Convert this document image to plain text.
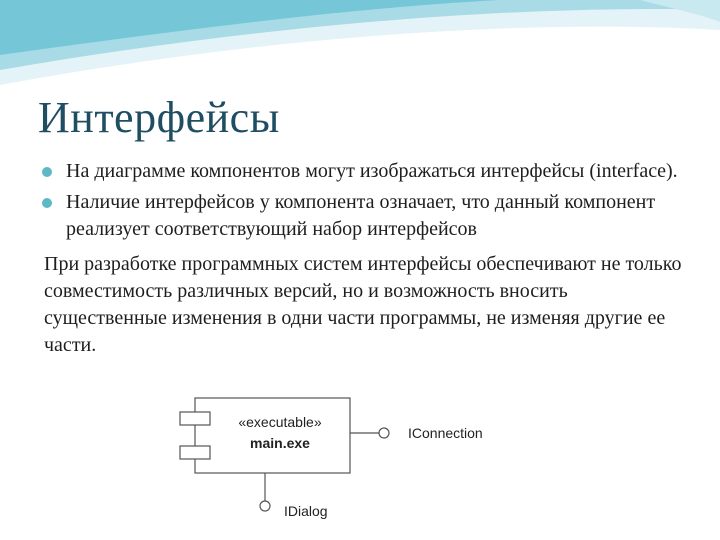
Интерфейсы
На диаграмме компонентов могут изображаться интерфейсы (interface).
Наличие интерфейсов у компонента означает, что данный компонент реализует соответствующий набор интерфейсов
При разработке программных систем интерфейсы обеспечивают не только совместимость различных версий, но и возможность вносить существенные изменения в одни части программы, не изменяя другие ее части.
«executable»
main.exe
IConnection
IDialog
